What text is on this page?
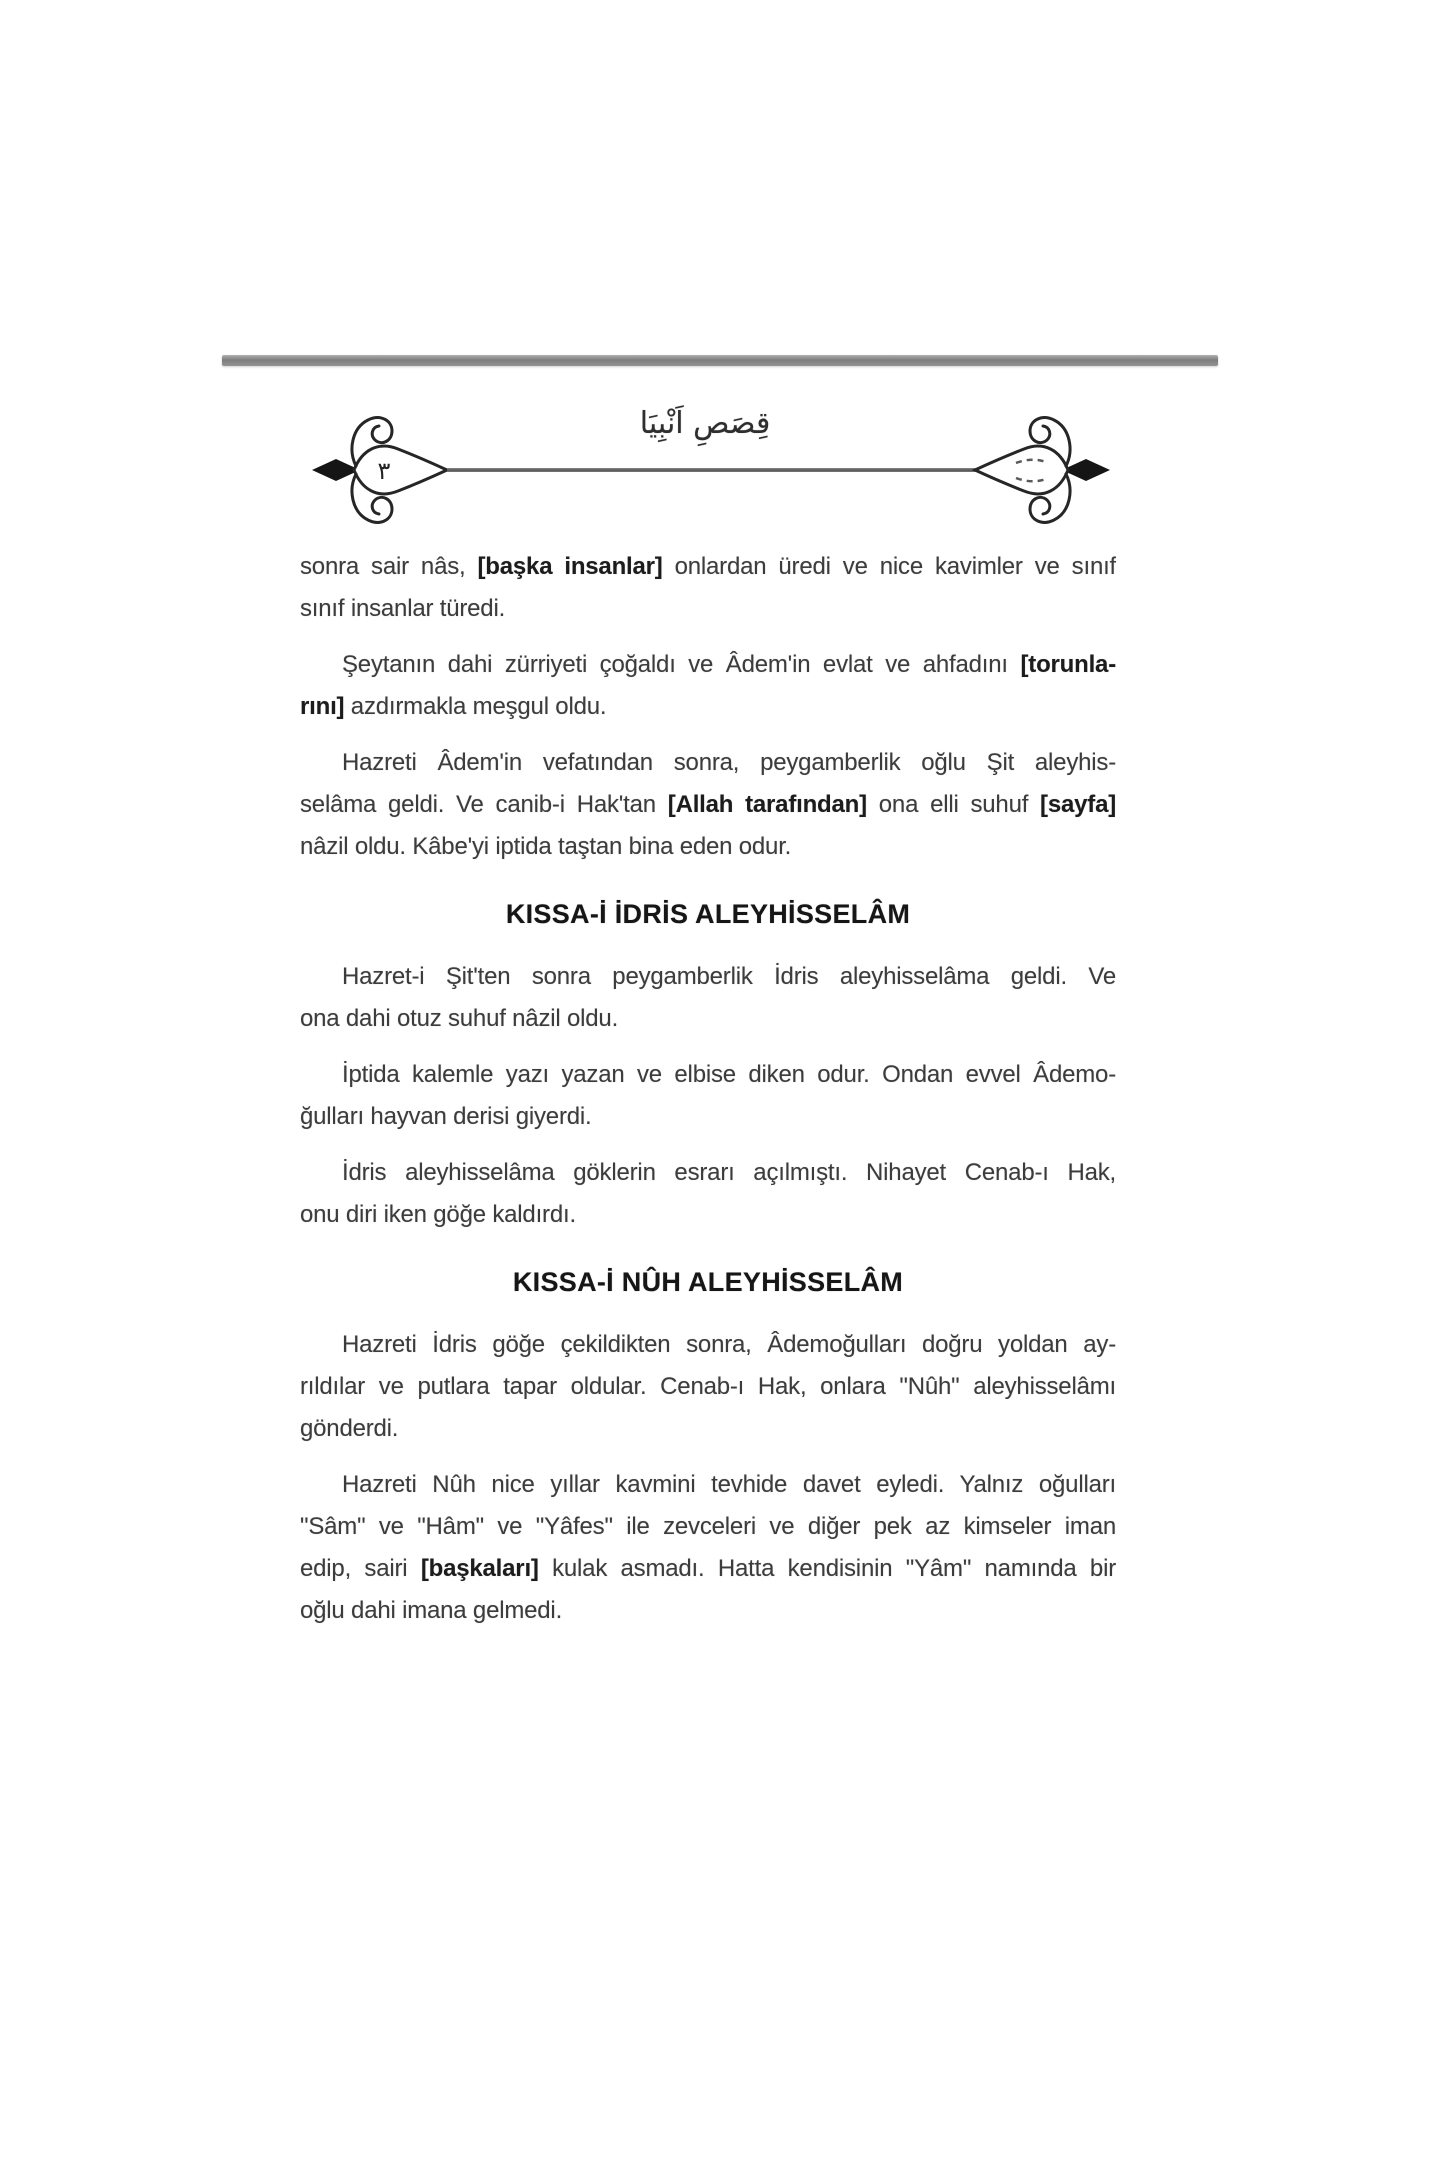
قِصَصِ اَنْبِيَا
٣
sonra sair nâs, [başka insanlar] onlardan üredi ve nice kavimler ve sınıf
sınıf insanlar türedi.
Şeytanın dahi zürriyeti çoğaldı ve Âdem'in evlat ve ahfadını [torunla-
rını] azdırmakla meşgul oldu.
Hazreti Âdem'in vefatından sonra, peygamberlik oğlu Şit aleyhis-
selâma geldi. Ve canib-i Hak'tan [Allah tarafından] ona elli suhuf [sayfa]
nâzil oldu. Kâbe'yi iptida taştan bina eden odur.
KISSA-İ İDRİS ALEYHİSSELÂM
Hazret-i Şit'ten sonra peygamberlik İdris aleyhisselâma geldi. Ve
ona dahi otuz suhuf nâzil oldu.
İptida kalemle yazı yazan ve elbise diken odur. Ondan evvel Âdemo-
ğulları hayvan derisi giyerdi.
İdris aleyhisselâma göklerin esrarı açılmıştı. Nihayet Cenab-ı Hak,
onu diri iken göğe kaldırdı.
KISSA-İ NÛH ALEYHİSSELÂM
Hazreti İdris göğe çekildikten sonra, Âdemoğulları doğru yoldan ay-
rıldılar ve putlara tapar oldular. Cenab-ı Hak, onlara "Nûh" aleyhisselâmı
gönderdi.
Hazreti Nûh nice yıllar kavmini tevhide davet eyledi. Yalnız oğulları
"Sâm" ve "Hâm" ve "Yâfes" ile zevceleri ve diğer pek az kimseler iman
edip, sairi [başkaları] kulak asmadı. Hatta kendisinin "Yâm" namında bir
oğlu dahi imana gelmedi.
